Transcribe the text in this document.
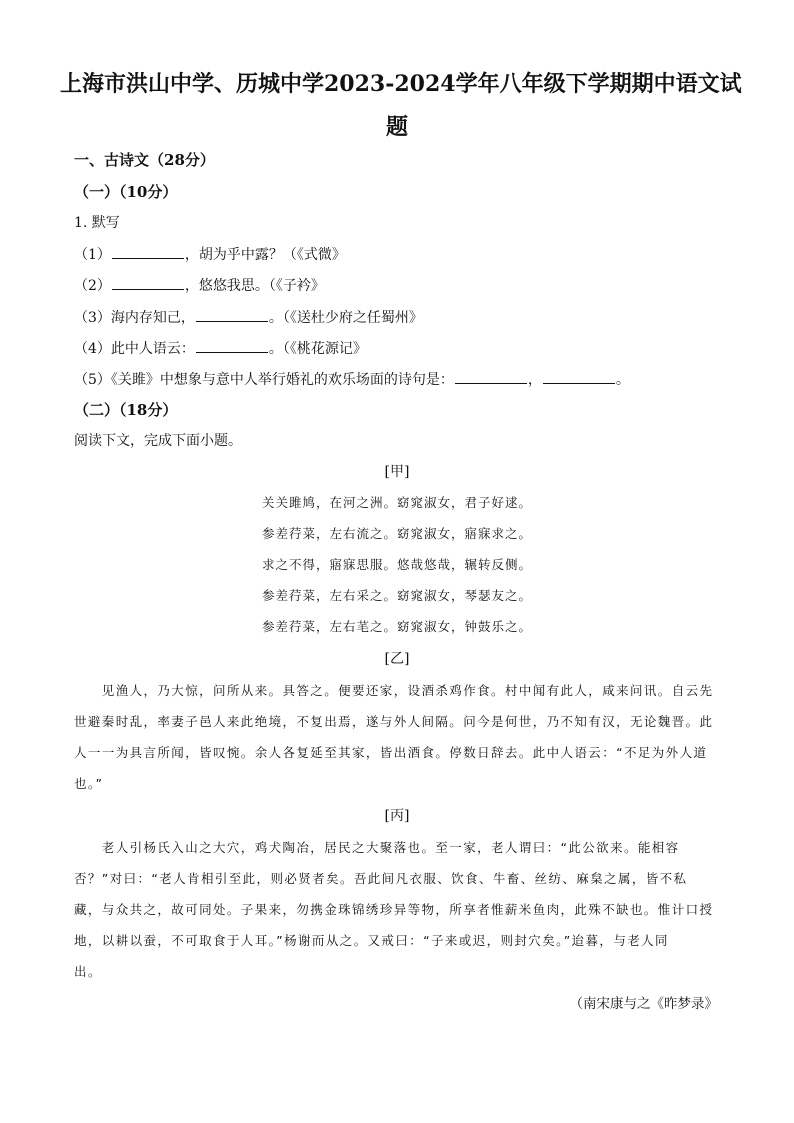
上海市洪山中学、历城中学2023-2024学年八年级下学期期中语文试
题
一、古诗文（28分）
（一）（10分）
1. 默写
（1）	，胡为乎中露？（《式微》
（2）	，悠悠我思。（《子衿》
（3）海内存知己，	。（《送杜少府之任蜀州》
（4）此中人语云：	。（《桃花源记》
（5）《关雎》中想象与意中人举行婚礼的欢乐场面的诗句是：	，	。
（二）（18分）
阅读下文，完成下面小题。
[甲]
关关雎鸠，在河之洲。窈窕淑女，君子好逑。
参差荇菜，左右流之。窈窕淑女，寤寐求之。
求之不得，寤寐思服。悠哉悠哉，辗转反侧。
参差荇菜，左右采之。窈窕淑女，琴瑟友之。
参差荇菜，左右芼之。窈窕淑女，钟鼓乐之。
[乙]
　　见渔人，乃大惊，问所从来。具答之。便要还家，设酒杀鸡作食。村中闻有此人，咸来问讯。自云先
世避秦时乱，率妻子邑人来此绝境，不复出焉，遂与外人间隔。问今是何世，乃不知有汉，无论魏晋。此
人一一为具言所闻，皆叹惋。余人各复延至其家，皆出酒食。停数日辞去。此中人语云：“不足为外人道
也。”
[丙]
　　老人引杨氏入山之大穴，鸡犬陶冶，居民之大聚落也。至一家，老人谓曰：“此公欲来。能相容
否？”对曰：“老人肯相引至此，则必贤者矣。吾此间凡衣服、饮食、牛畜、丝纺、麻枲之属，皆不私
藏，与众共之，故可同处。子果来，勿携金珠锦绣珍异等物，所享者惟薪米鱼肉，此殊不缺也。惟计口授
地，以耕以蚕，不可取食于人耳。”杨谢而从之。又戒曰：“子来或迟，则封穴矣。”迨暮，与老人同
出。
（南宋康与之《昨梦录》
